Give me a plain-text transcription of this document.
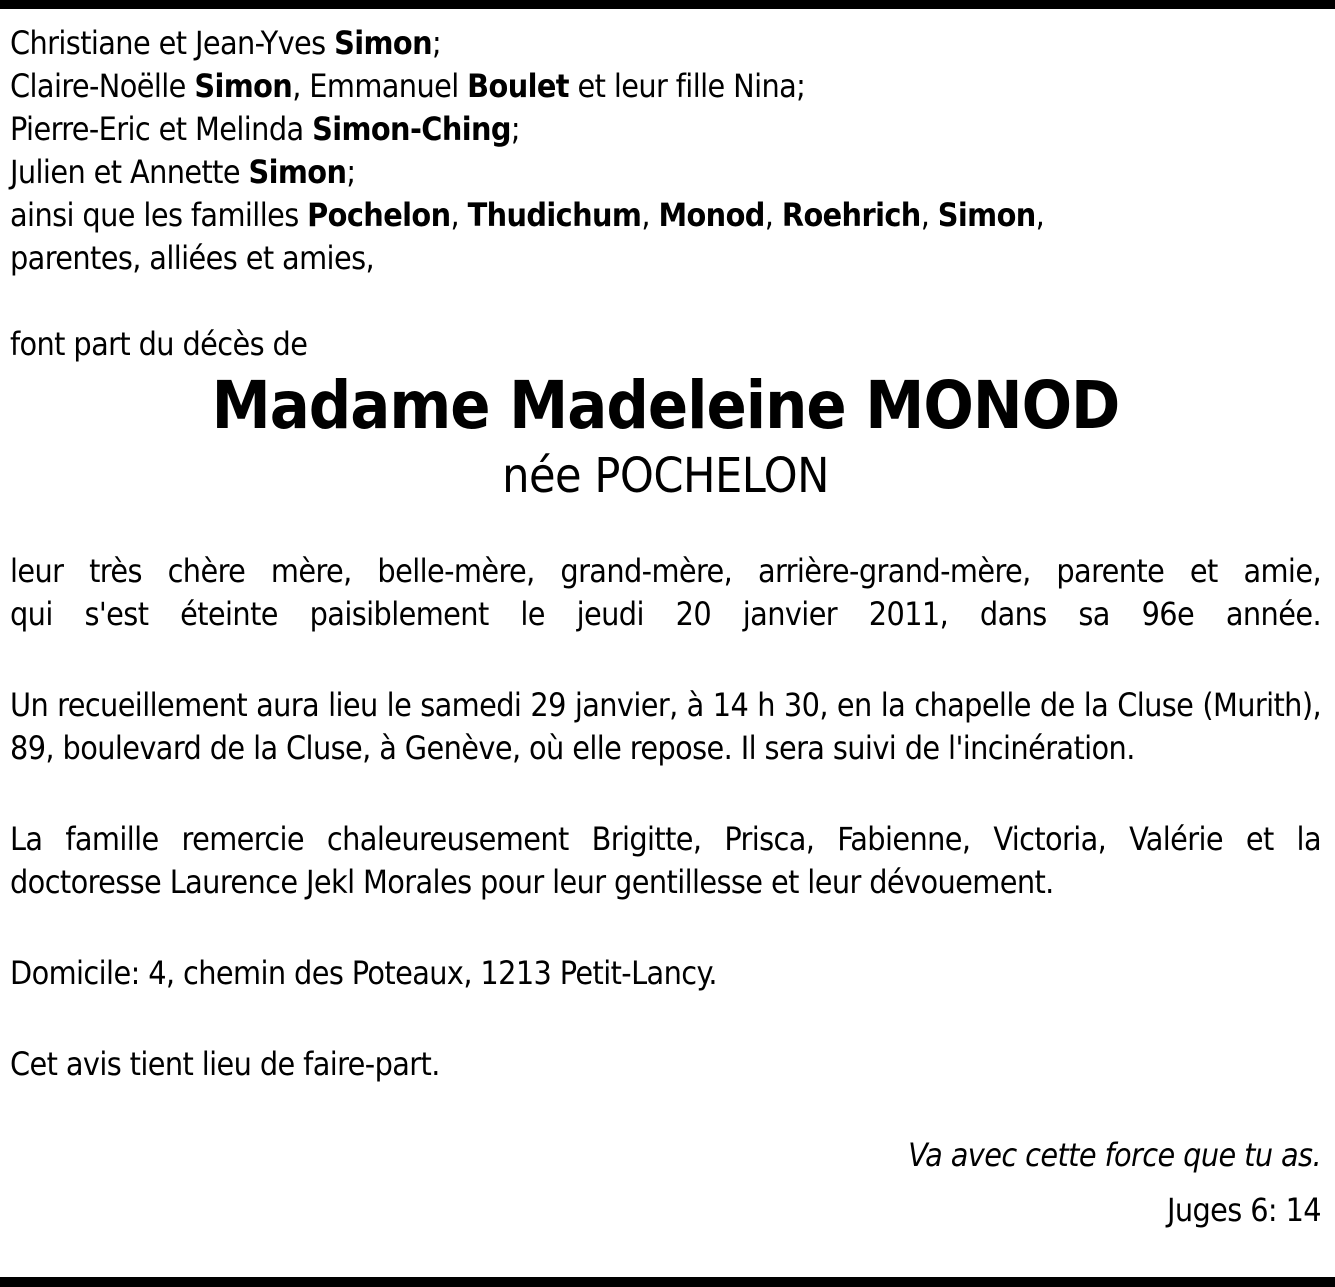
Christiane et Jean-Yves Simon;
Claire-Noëlle Simon, Emmanuel Boulet et leur fille Nina;
Pierre-Eric et Melinda Simon-Ching;
Julien et Annette Simon;
ainsi que les familles Pochelon, Thudichum, Monod, Roehrich, Simon,
parentes, alliées et amies,
font part du décès de
Madame Madeleine MONOD
née POCHELON
leur très chère mère, belle-mère, grand-mère, arrière-grand-mère, parente et amie,
qui s'est éteinte paisiblement le jeudi 20 janvier 2011, dans sa 96e année.
Un recueillement aura lieu le samedi 29 janvier, à 14 h 30, en la chapelle de la Cluse (Murith), 89, boulevard de la Cluse, à Genève, où elle repose. Il sera suivi de l'incinération.
La famille remercie chaleureusement Brigitte, Prisca, Fabienne, Victoria, Valérie et la doctoresse Laurence Jekl Morales pour leur gentillesse et leur dévouement.
Domicile: 4, chemin des Poteaux, 1213 Petit-Lancy.
Cet avis tient lieu de faire-part.
Va avec cette force que tu as.
Juges 6: 14
